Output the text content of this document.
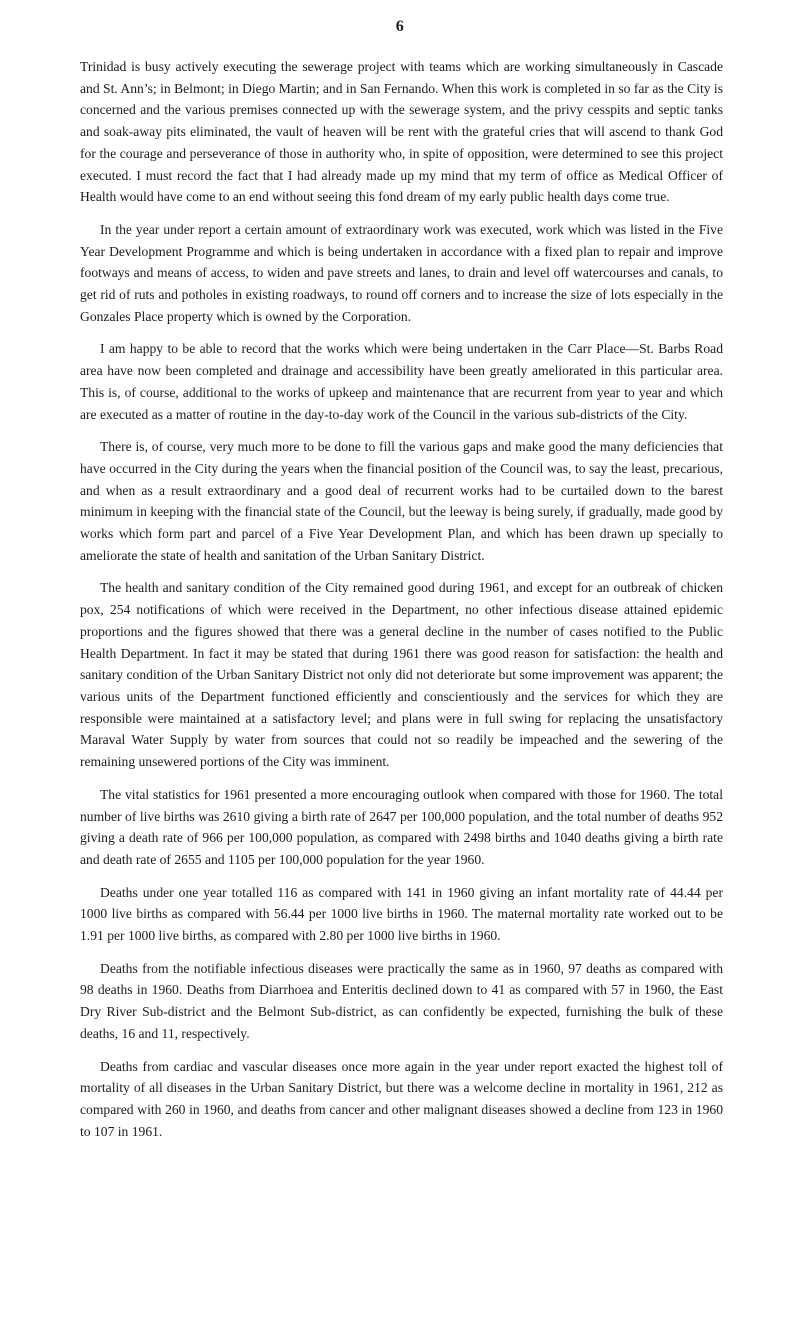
6

Trinidad is busy actively executing the sewerage project with teams which are working simultaneously in Cascade and St. Ann’s; in Belmont; in Diego Martin; and in San Fernando. When this work is completed in so far as the City is concerned and the various premises connected up with the sewerage system, and the privy cesspits and septic tanks and soak-away pits eliminated, the vault of heaven will be rent with the grateful cries that will ascend to thank God for the courage and perseverance of those in authority who, in spite of opposition, were determined to see this project executed. I must record the fact that I had already made up my mind that my term of office as Medical Officer of Health would have come to an end without seeing this fond dream of my early public health days come true.

In the year under report a certain amount of extraordinary work was executed, work which was listed in the Five Year Development Programme and which is being undertaken in accordance with a fixed plan to repair and improve footways and means of access, to widen and pave streets and lanes, to drain and level off watercourses and canals, to get rid of ruts and potholes in existing roadways, to round off corners and to increase the size of lots especially in the Gonzales Place property which is owned by the Corporation.

I am happy to be able to record that the works which were being undertaken in the Carr Place—St. Barbs Road area have now been completed and drainage and accessibility have been greatly ameliorated in this particular area. This is, of course, additional to the works of upkeep and maintenance that are recurrent from year to year and which are executed as a matter of routine in the day-to-day work of the Council in the various sub-districts of the City.

There is, of course, very much more to be done to fill the various gaps and make good the many deficiencies that have occurred in the City during the years when the financial position of the Council was, to say the least, precarious, and when as a result extraordinary and a good deal of recurrent works had to be curtailed down to the barest minimum in keeping with the financial state of the Council, but the leeway is being surely, if gradually, made good by works which form part and parcel of a Five Year Development Plan, and which has been drawn up specially to ameliorate the state of health and sanitation of the Urban Sanitary District.

The health and sanitary condition of the City remained good during 1961, and except for an outbreak of chicken pox, 254 notifications of which were received in the Department, no other infectious disease attained epidemic proportions and the figures showed that there was a general decline in the number of cases notified to the Public Health Department. In fact it may be stated that during 1961 there was good reason for satisfaction: the health and sanitary condition of the Urban Sanitary District not only did not deteriorate but some improvement was apparent; the various units of the Department functioned efficiently and conscientiously and the services for which they are responsible were maintained at a satisfactory level; and plans were in full swing for replacing the unsatisfactory Maraval Water Supply by water from sources that could not so readily be impeached and the sewering of the remaining unsewered portions of the City was imminent.

The vital statistics for 1961 presented a more encouraging outlook when compared with those for 1960. The total number of live births was 2610 giving a birth rate of 2647 per 100,000 population, and the total number of deaths 952 giving a death rate of 966 per 100,000 population, as compared with 2498 births and 1040 deaths giving a birth rate and death rate of 2655 and 1105 per 100,000 population for the year 1960.

Deaths under one year totalled 116 as compared with 141 in 1960 giving an infant mortality rate of 44.44 per 1000 live births as compared with 56.44 per 1000 live births in 1960. The maternal mortality rate worked out to be 1.91 per 1000 live births, as compared with 2.80 per 1000 live births in 1960.

Deaths from the notifiable infectious diseases were practically the same as in 1960, 97 deaths as compared with 98 deaths in 1960. Deaths from Diarrhoea and Enteritis declined down to 41 as compared with 57 in 1960, the East Dry River Sub-district and the Belmont Sub-district, as can confidently be expected, furnishing the bulk of these deaths, 16 and 11, respectively.

Deaths from cardiac and vascular diseases once more again in the year under report exacted the highest toll of mortality of all diseases in the Urban Sanitary District, but there was a welcome decline in mortality in 1961, 212 as compared with 260 in 1960, and deaths from cancer and other malignant diseases showed a decline from 123 in 1960 to 107 in 1961.
